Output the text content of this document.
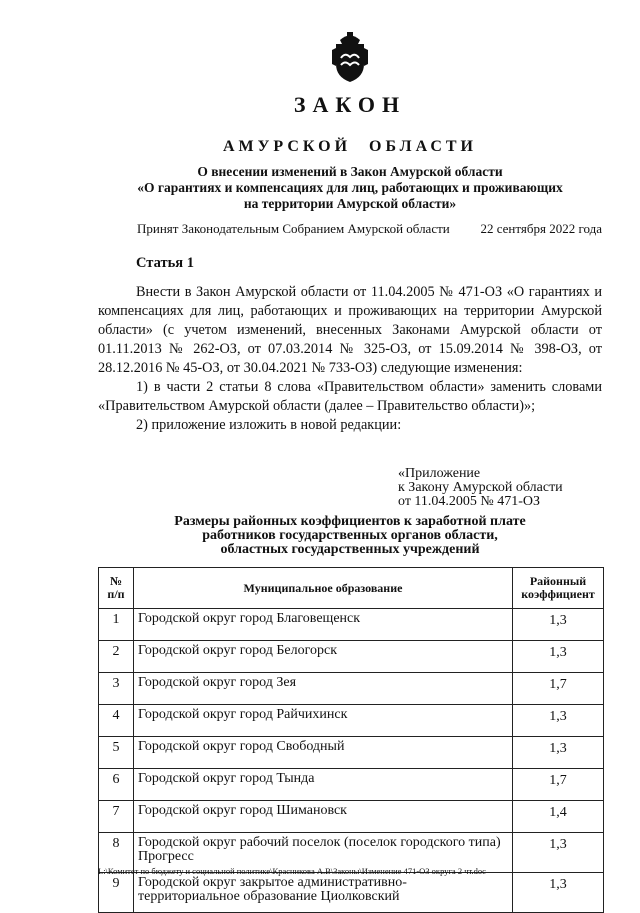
ЗАКОН
АМУРСКОЙ ОБЛАСТИ
О внесении изменений в Закон Амурской области
«О гарантиях и компенсациях для лиц, работающих и проживающих
на территории Амурской области»
Принят Законодательным Собранием Амурской области 22 сентября 2022 года
Статья 1

Внести в Закон Амурской области от 11.04.2005 № 471-ОЗ «О гарантиях и компенсациях для лиц, работающих и проживающих на территории Амурской области» (с учетом изменений, внесенных Законами Амурской области от 01.11.2013 № 262-ОЗ, от 07.03.2014 № 325-ОЗ, от 15.09.2014 № 398-ОЗ, от 28.12.2016 № 45-ОЗ, от 30.04.2021 № 733-ОЗ) следующие изменения:

1) в части 2 статьи 8 слова «Правительством области» заменить словами «Правительством Амурской области (далее – Правительство области)»;

2) приложение изложить в новой редакции:

«Приложение
к Закону Амурской области
от 11.04.2005 № 471-ОЗ
Размеры районных коэффициентов к заработной плате
работников государственных органов области,
областных государственных учреждений
№
п/п	Муниципальное образование	Районный
коэффициент
1	Городской округ город Благовещенск	1,3
2	Городской округ город Белогорск	1,3
3	Городской округ город Зея	1,7
4	Городской округ город Райчихинск	1,3
5	Городской округ город Свободный	1,3
6	Городской округ город Тында	1,7
7	Городской округ город Шимановск	1,4
8	Городской округ рабочий поселок (поселок городского типа) Прогресс	1,3
9	Городской округ закрытое административно-территориальное образование Циолковский	1,3
L:\Комитет по бюджету и социальной политике\Красникова А.В\Законы\Изменение 471-ОЗ округа 2 чт.doc
